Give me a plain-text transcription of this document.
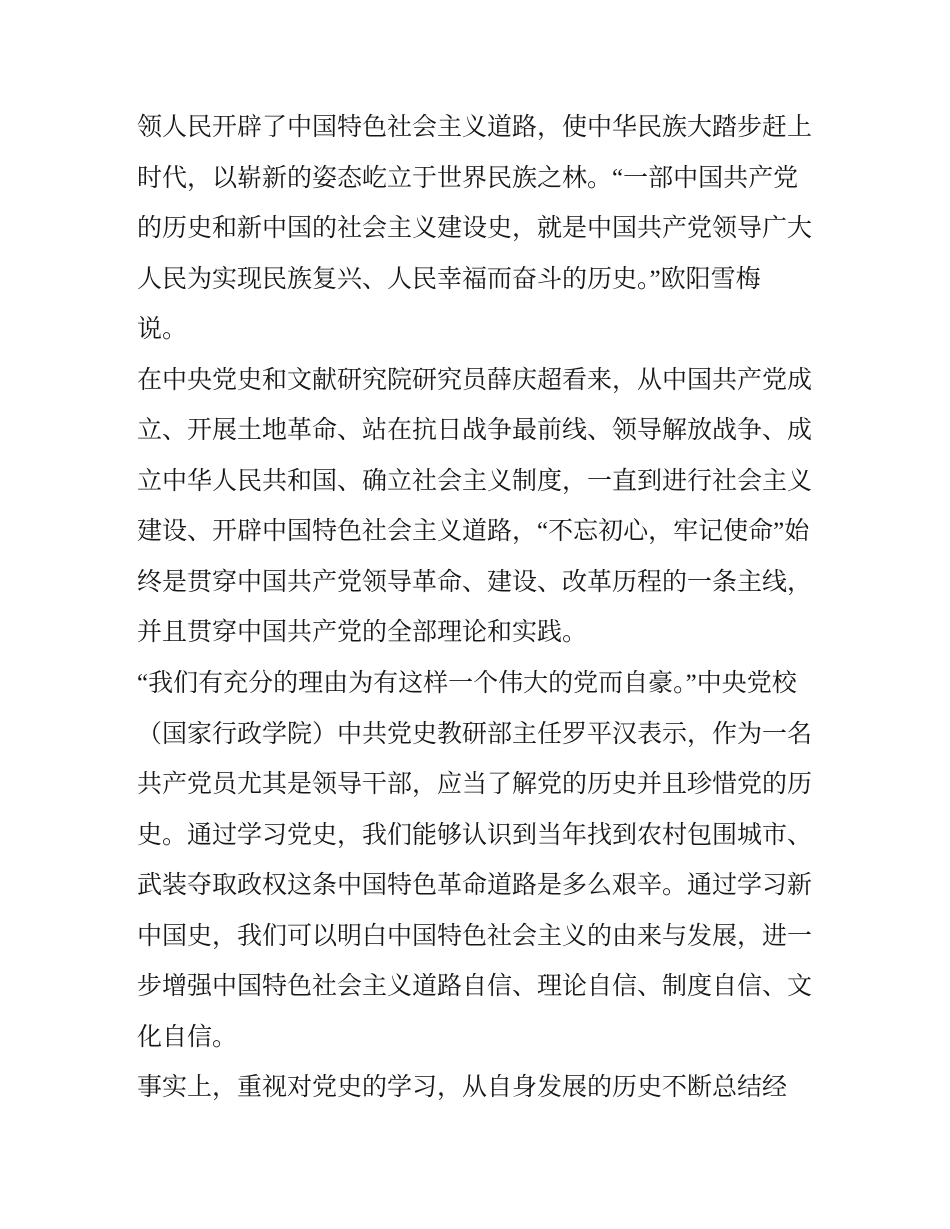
领人民开辟了中国特色社会主义道路，使中华民族大踏步赶上
时代，以崭新的姿态屹立于世界民族之林。“一部中国共产党
的历史和新中国的社会主义建设史，就是中国共产党领导广大
人民为实现民族复兴、人民幸福而奋斗的历史。”欧阳雪梅
说。
在中央党史和文献研究院研究员薛庆超看来，从中国共产党成
立、开展土地革命、站在抗日战争最前线、领导解放战争、成
立中华人民共和国、确立社会主义制度，一直到进行社会主义
建设、开辟中国特色社会主义道路，“不忘初心，牢记使命”始
终是贯穿中国共产党领导革命、建设、改革历程的一条主线，
并且贯穿中国共产党的全部理论和实践。
“我们有充分的理由为有这样一个伟大的党而自豪。”中央党校
（国家行政学院）中共党史教研部主任罗平汉表示，作为一名
共产党员尤其是领导干部，应当了解党的历史并且珍惜党的历
史。通过学习党史，我们能够认识到当年找到农村包围城市、
武装夺取政权这条中国特色革命道路是多么艰辛。通过学习新
中国史，我们可以明白中国特色社会主义的由来与发展，进一
步增强中国特色社会主义道路自信、理论自信、制度自信、文
化自信。
事实上，重视对党史的学习，从自身发展的历史不断总结经
